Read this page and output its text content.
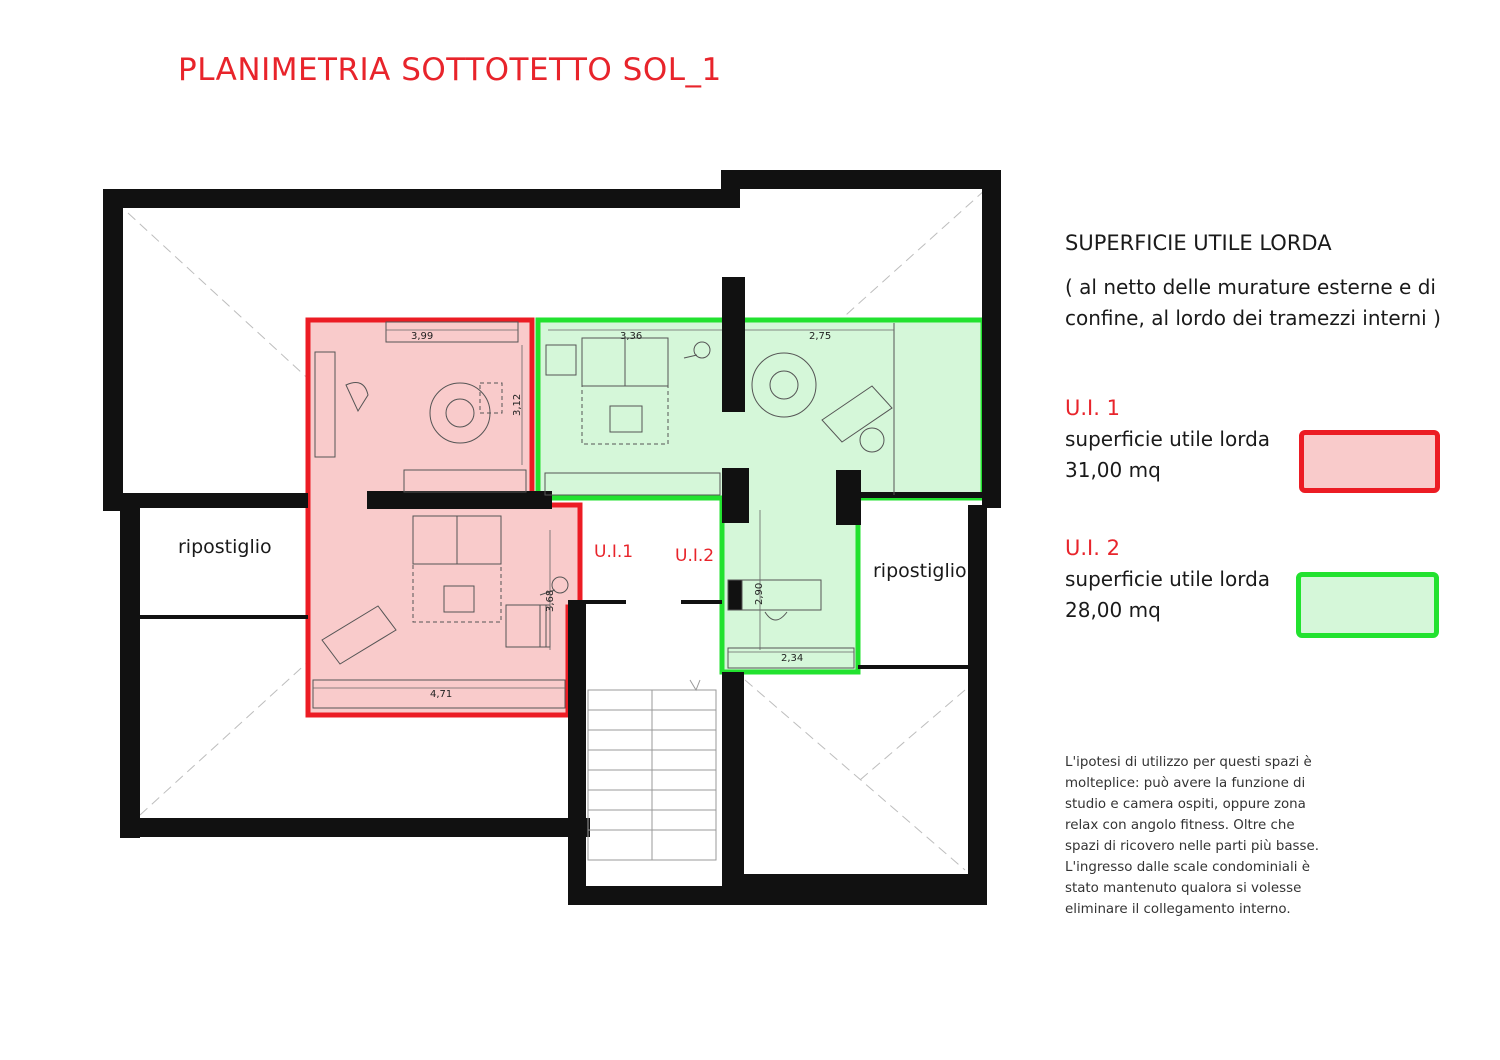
PLANIMETRIA SOTTOTETTO SOL_1
3,99
3,12
3,36	2,75
3,68
4,71
2,90
2,34
ripostiglio
ripostiglio
U.I.1 U.I.2
SUPERFICIE UTILE LORDA
( al netto delle murature esterne e di confine, al lordo dei tramezzi interni )
U.I. 1
superficie utile lorda
31,00 mq
U.I. 2
superficie utile lorda
28,00 mq
L'ipotesi di utilizzo per questi spazi è molteplice: può avere la funzione di studio e camera ospiti, oppure zona relax con angolo fitness. Oltre che spazi di ricovero nelle parti più basse. L'ingresso dalle scale condominiali è stato mantenuto qualora si volesse eliminare il collegamento interno.
